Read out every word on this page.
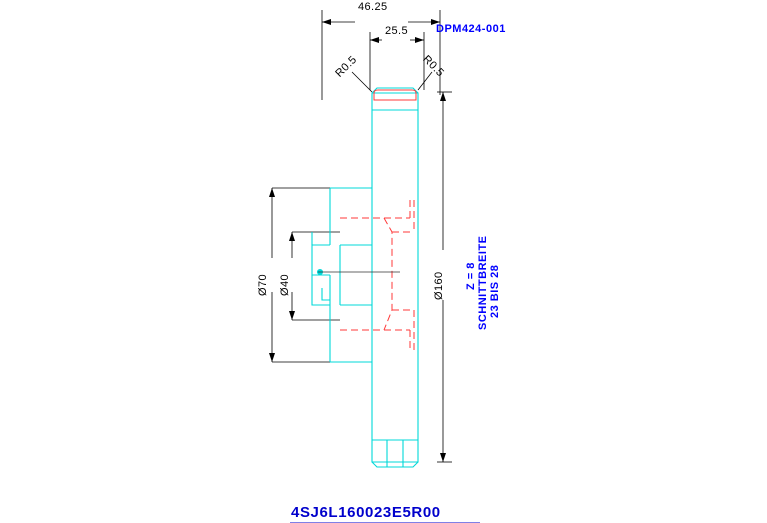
46.25
25.5
R0.5	R0.5
Ø70 Ø40	Ø160
DPM424-001
Z = 8 SCHNITTBREITE 23 BIS 28
4SJ6L160023E5R00
